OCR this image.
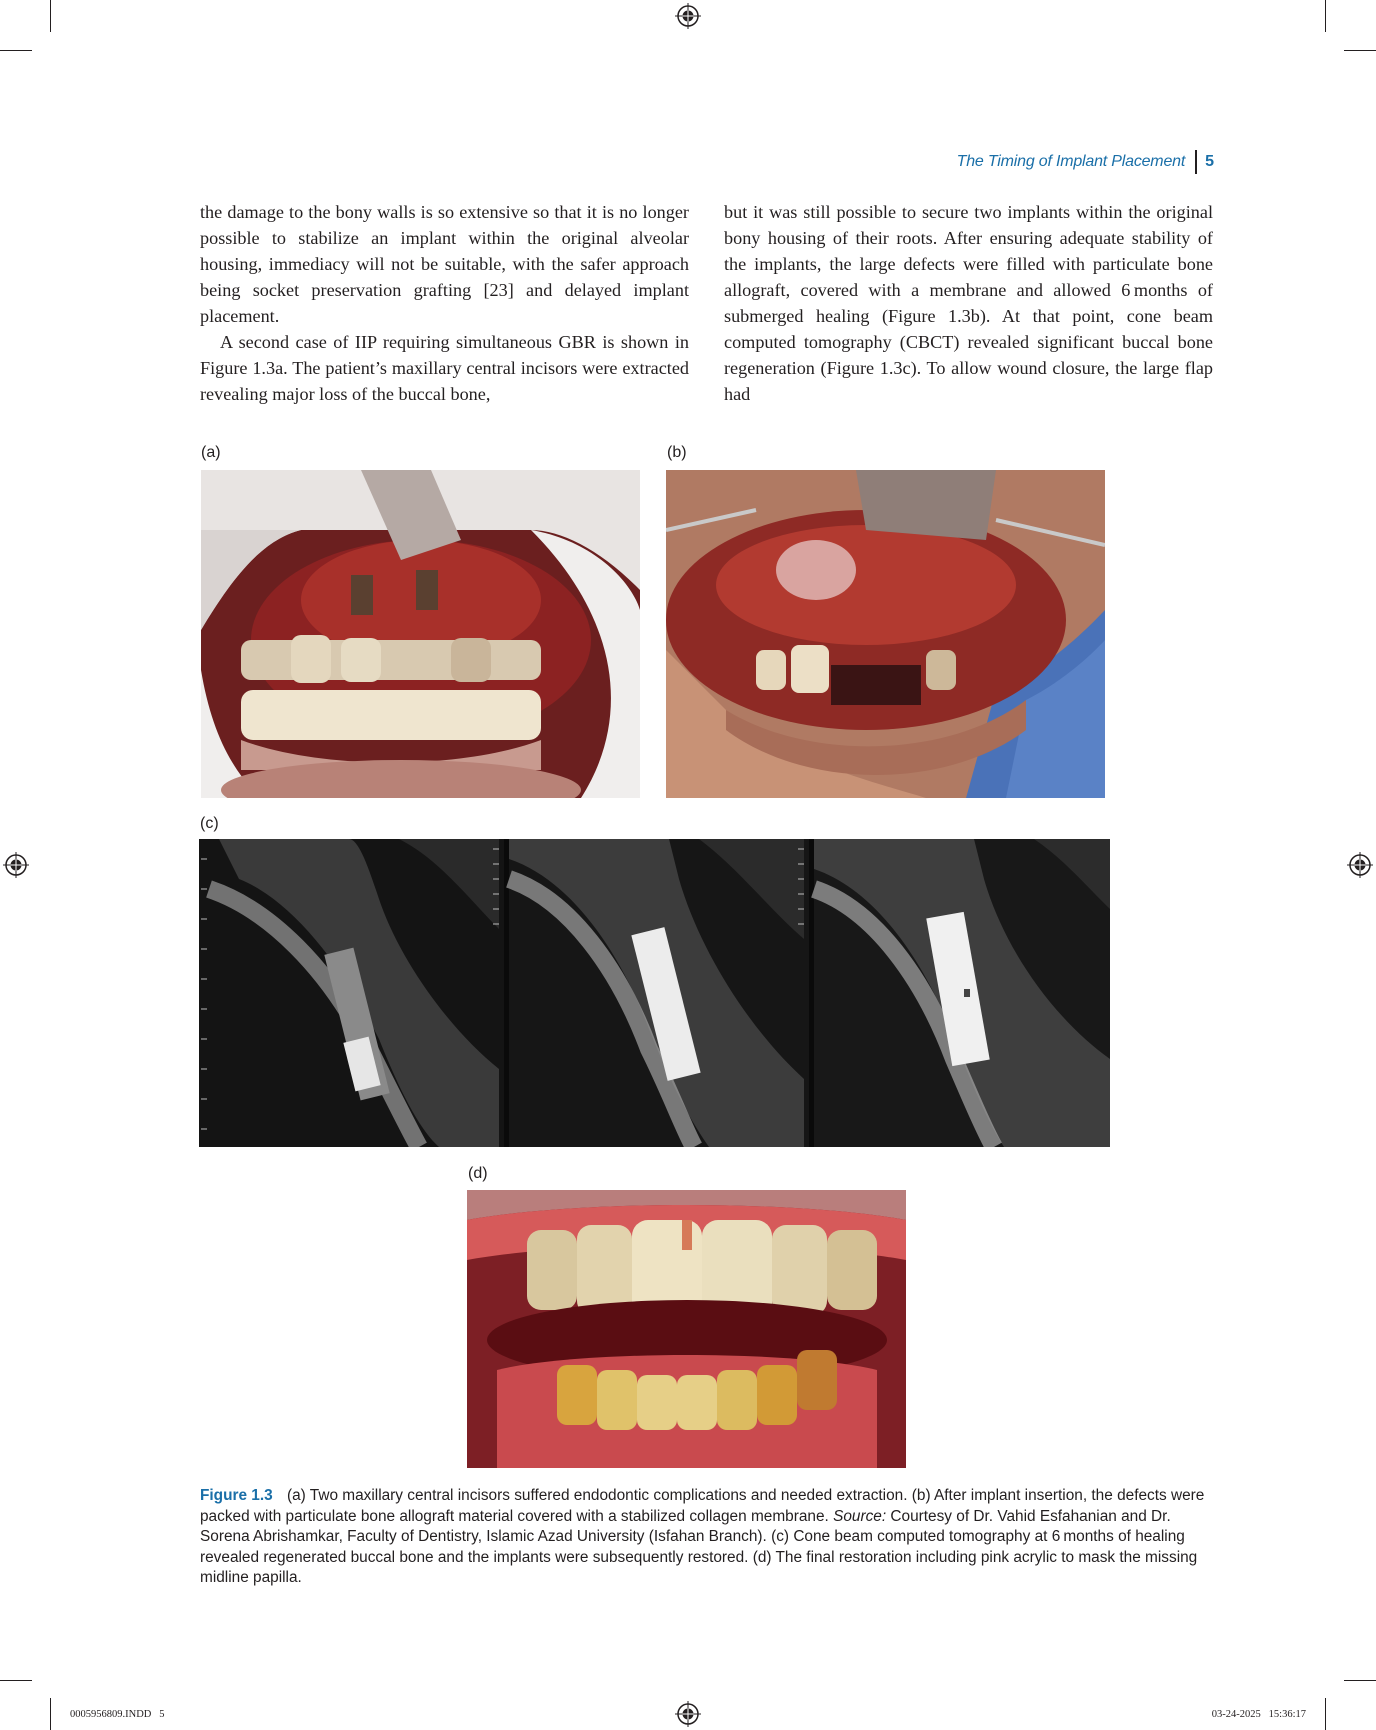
The Timing of Implant Placement 5

the damage to the bony walls is so extensive so that it is no longer possible to stabilize an implant within the original alveolar housing, immediacy will not be suitable, with the safer approach being socket preservation grafting [23] and delayed implant placement.

A second case of IIP requiring simultaneous GBR is shown in Figure 1.3a. The patient’s maxillary central incisors were extracted revealing major loss of the buccal bone,

but it was still possible to secure two implants within the original bony housing of their roots. After ensuring adequate stability of the implants, the large defects were filled with particulate bone allograft, covered with a membrane and allowed 6 months of submerged healing (Figure 1.3b). At that point, cone beam computed tomography (CBCT) revealed significant buccal bone regeneration (Figure 1.3c). To allow wound closure, the large flap had

(a)	(b)
(c)
(d)
Figure 1.3 (a) Two maxillary central incisors suffered endodontic complications and needed extraction. (b) After implant insertion, the defects were packed with particulate bone allograft material covered with a stabilized collagen membrane. Source: Courtesy of Dr. Vahid Esfahanian and Dr. Sorena Abrishamkar, Faculty of Dentistry, Islamic Azad University (Isfahan Branch). (c) Cone beam computed tomography at 6 months of healing revealed regenerated buccal bone and the implants were subsequently restored. (d) The final restoration including pink acrylic to mask the missing midline papilla.
0005956809.INDD   5	03-24-2025   15:36:17
